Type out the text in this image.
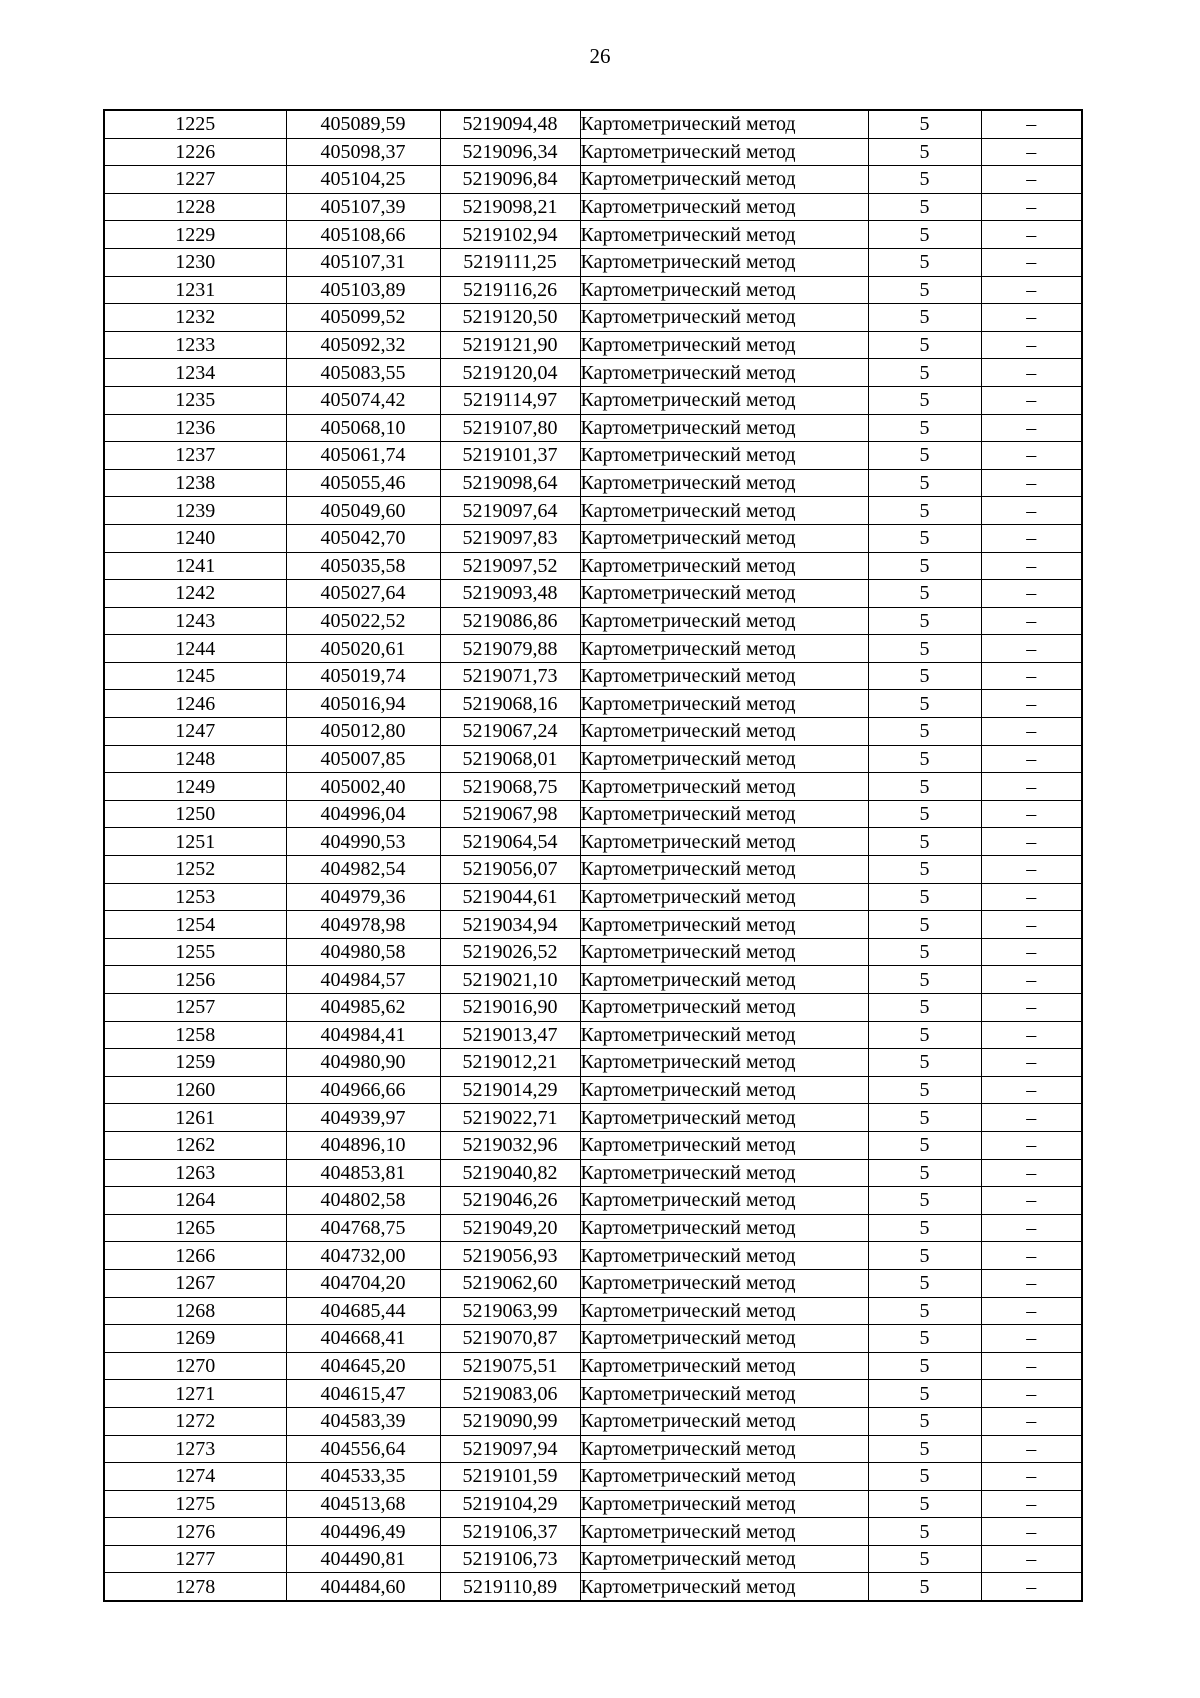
26
1225	405089,59	5219094,48	Картометрический метод	5	–
1226	405098,37	5219096,34	Картометрический метод	5	–
1227	405104,25	5219096,84	Картометрический метод	5	–
1228	405107,39	5219098,21	Картометрический метод	5	–
1229	405108,66	5219102,94	Картометрический метод	5	–
1230	405107,31	5219111,25	Картометрический метод	5	–
1231	405103,89	5219116,26	Картометрический метод	5	–
1232	405099,52	5219120,50	Картометрический метод	5	–
1233	405092,32	5219121,90	Картометрический метод	5	–
1234	405083,55	5219120,04	Картометрический метод	5	–
1235	405074,42	5219114,97	Картометрический метод	5	–
1236	405068,10	5219107,80	Картометрический метод	5	–
1237	405061,74	5219101,37	Картометрический метод	5	–
1238	405055,46	5219098,64	Картометрический метод	5	–
1239	405049,60	5219097,64	Картометрический метод	5	–
1240	405042,70	5219097,83	Картометрический метод	5	–
1241	405035,58	5219097,52	Картометрический метод	5	–
1242	405027,64	5219093,48	Картометрический метод	5	–
1243	405022,52	5219086,86	Картометрический метод	5	–
1244	405020,61	5219079,88	Картометрический метод	5	–
1245	405019,74	5219071,73	Картометрический метод	5	–
1246	405016,94	5219068,16	Картометрический метод	5	–
1247	405012,80	5219067,24	Картометрический метод	5	–
1248	405007,85	5219068,01	Картометрический метод	5	–
1249	405002,40	5219068,75	Картометрический метод	5	–
1250	404996,04	5219067,98	Картометрический метод	5	–
1251	404990,53	5219064,54	Картометрический метод	5	–
1252	404982,54	5219056,07	Картометрический метод	5	–
1253	404979,36	5219044,61	Картометрический метод	5	–
1254	404978,98	5219034,94	Картометрический метод	5	–
1255	404980,58	5219026,52	Картометрический метод	5	–
1256	404984,57	5219021,10	Картометрический метод	5	–
1257	404985,62	5219016,90	Картометрический метод	5	–
1258	404984,41	5219013,47	Картометрический метод	5	–
1259	404980,90	5219012,21	Картометрический метод	5	–
1260	404966,66	5219014,29	Картометрический метод	5	–
1261	404939,97	5219022,71	Картометрический метод	5	–
1262	404896,10	5219032,96	Картометрический метод	5	–
1263	404853,81	5219040,82	Картометрический метод	5	–
1264	404802,58	5219046,26	Картометрический метод	5	–
1265	404768,75	5219049,20	Картометрический метод	5	–
1266	404732,00	5219056,93	Картометрический метод	5	–
1267	404704,20	5219062,60	Картометрический метод	5	–
1268	404685,44	5219063,99	Картометрический метод	5	–
1269	404668,41	5219070,87	Картометрический метод	5	–
1270	404645,20	5219075,51	Картометрический метод	5	–
1271	404615,47	5219083,06	Картометрический метод	5	–
1272	404583,39	5219090,99	Картометрический метод	5	–
1273	404556,64	5219097,94	Картометрический метод	5	–
1274	404533,35	5219101,59	Картометрический метод	5	–
1275	404513,68	5219104,29	Картометрический метод	5	–
1276	404496,49	5219106,37	Картометрический метод	5	–
1277	404490,81	5219106,73	Картометрический метод	5	–
1278	404484,60	5219110,89	Картометрический метод	5	–
